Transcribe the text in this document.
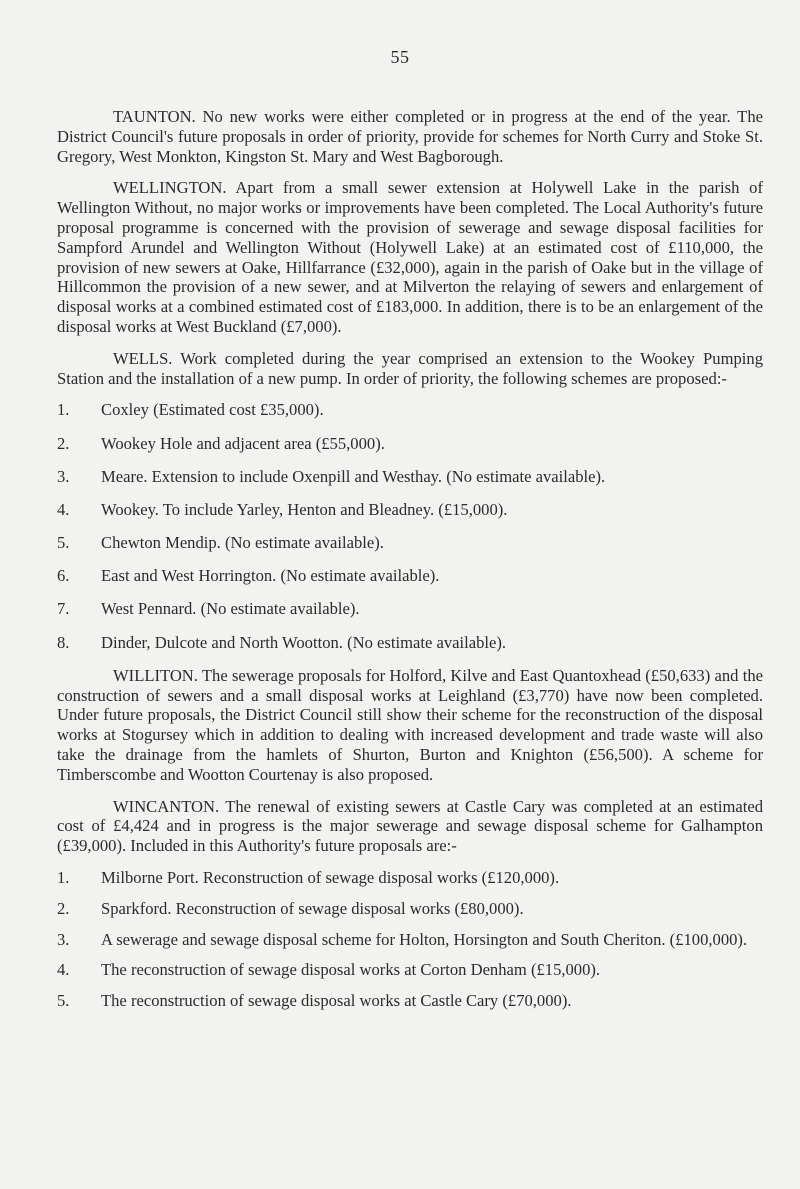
55

TAUNTON. No new works were either completed or in progress at the end of the year. The District Council's future proposals in order of priority, provide for schemes for North Curry and Stoke St. Gregory, West Monkton, Kingston St. Mary and West Bagborough.

WELLINGTON. Apart from a small sewer extension at Holywell Lake in the parish of Wellington Without, no major works or improvements have been completed. The Local Authority's future proposal programme is concerned with the provision of sewerage and sewage disposal facilities for Sampford Arundel and Wellington Without (Holywell Lake) at an estimated cost of £110,000, the provision of new sewers at Oake, Hillfarrance (£32,000), again in the parish of Oake but in the village of Hillcommon the provision of a new sewer, and at Milverton the relaying of sewers and enlargement of disposal works at a combined estimated cost of £183,000. In addition, there is to be an enlargement of the disposal works at West Buckland (£7,000).

WELLS. Work completed during the year comprised an extension to the Wookey Pumping Station and the installation of a new pump. In order of priority, the following schemes are proposed:-

1. Coxley (Estimated cost £35,000).
2. Wookey Hole and adjacent area (£55,000).
3. Meare. Extension to include Oxenpill and Westhay. (No estimate available).
4. Wookey. To include Yarley, Henton and Bleadney. (£15,000).
5. Chewton Mendip. (No estimate available).
6. East and West Horrington. (No estimate available).
7. West Pennard. (No estimate available).
8. Dinder, Dulcote and North Wootton. (No estimate available).

WILLITON. The sewerage proposals for Holford, Kilve and East Quantoxhead (£50,633) and the construction of sewers and a small disposal works at Leighland (£3,770) have now been completed. Under future proposals, the District Council still show their scheme for the reconstruction of the disposal works at Stogursey which in addition to dealing with increased development and trade waste will also take the drainage from the hamlets of Shurton, Burton and Knighton (£56,500). A scheme for Timberscombe and Wootton Courtenay is also proposed.

WINCANTON. The renewal of existing sewers at Castle Cary was completed at an estimated cost of £4,424 and in progress is the major sewerage and sewage disposal scheme for Galhampton (£39,000). Included in this Authority's future proposals are:-

1. Milborne Port. Reconstruction of sewage disposal works (£120,000).
2. Sparkford. Reconstruction of sewage disposal works (£80,000).
3. A sewerage and sewage disposal scheme for Holton, Horsington and South Cheriton. (£100,000).
4. The reconstruction of sewage disposal works at Corton Denham (£15,000).
5. The reconstruction of sewage disposal works at Castle Cary (£70,000).
